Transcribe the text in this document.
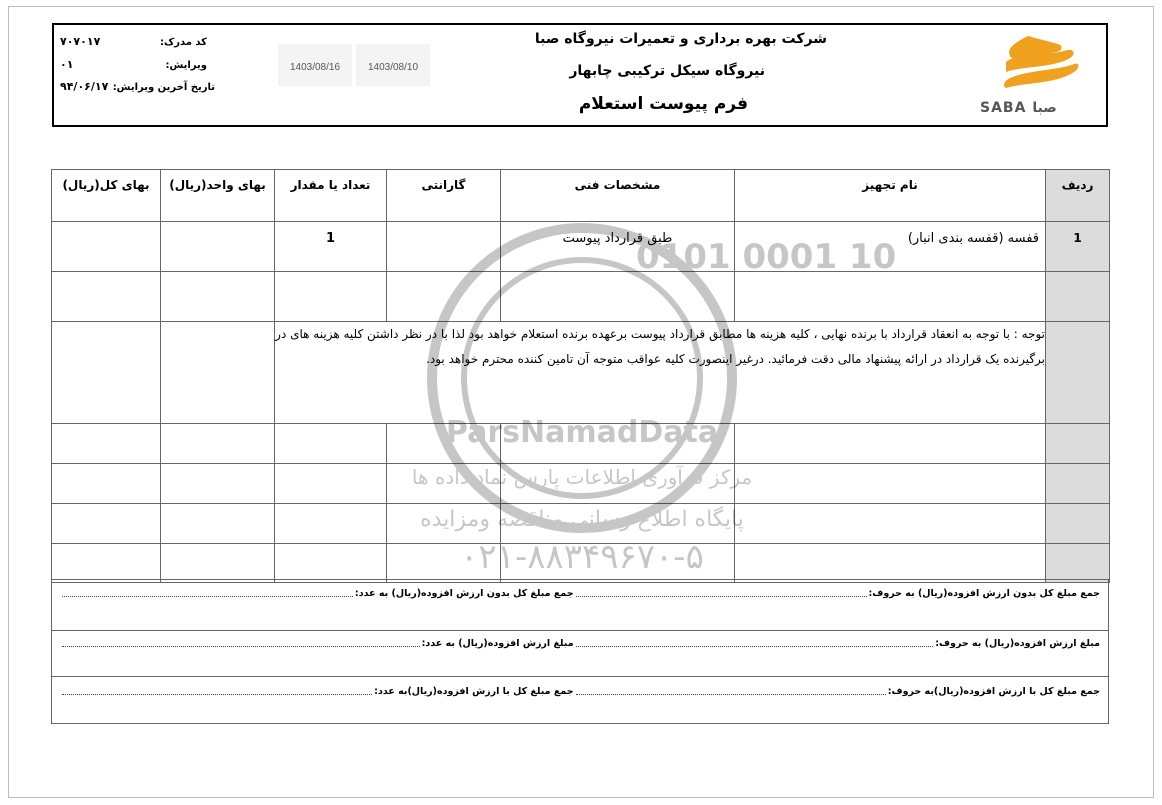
SABA صبا
شرکت بهره برداری و تعمیرات نیروگاه صبا
نیروگاه سیکل ترکیبی چابهار
فرم پیوست استعلام
1403/08/10
1403/08/16
کد مدرک:
۷۰۷۰۱۷
ویرایش:
۰۱
تاریخ آخرین ویرایش:
۹۴/۰۶/۱۷
ردیف	نام تجهیز	مشخصات فنی	گارانتی	تعداد یا مقدار	بهای واحد(ریال)	بهای کل(ریال)
1	قفسه (قفسه بندی انبار)	طبق قرارداد پیوست		1		

	توجه : با توجه به انعقاد قرارداد با برنده نهایی ، کلیه هزینه ها مطابق قرارداد پیوست برعهده برنده استعلام خواهد بود لذا با در نظر داشتن کلیه هزینه های در برگیرنده یک قرارداد در ارائه پیشنهاد مالی دقت فرمائید. درغیر اینصورت کلیه عواقب متوجه آن تامین کننده محترم خواهد بود.					

جمع مبلغ کل بدون ارزش افزوده(ریال) به حروف:
جمع مبلغ کل بدون ارزش افزوده(ریال) به عدد:
مبلغ ارزش افزوده(ریال) به حروف:
مبلغ ارزش افزوده(ریال) به عدد:
جمع مبلغ کل با ارزش افزوده(ریال)به حروف:
جمع مبلغ کل با ارزش افزوده(ریال)به عدد:
0101 0001 10
ParsNamadData
مرکز فرآوری اطلاعات پارس نماد داده ها
پایگاه اطلاع رسانی مناقصه ومزایده
۰۲۱-۸۸۳۴۹۶۷۰-۵
